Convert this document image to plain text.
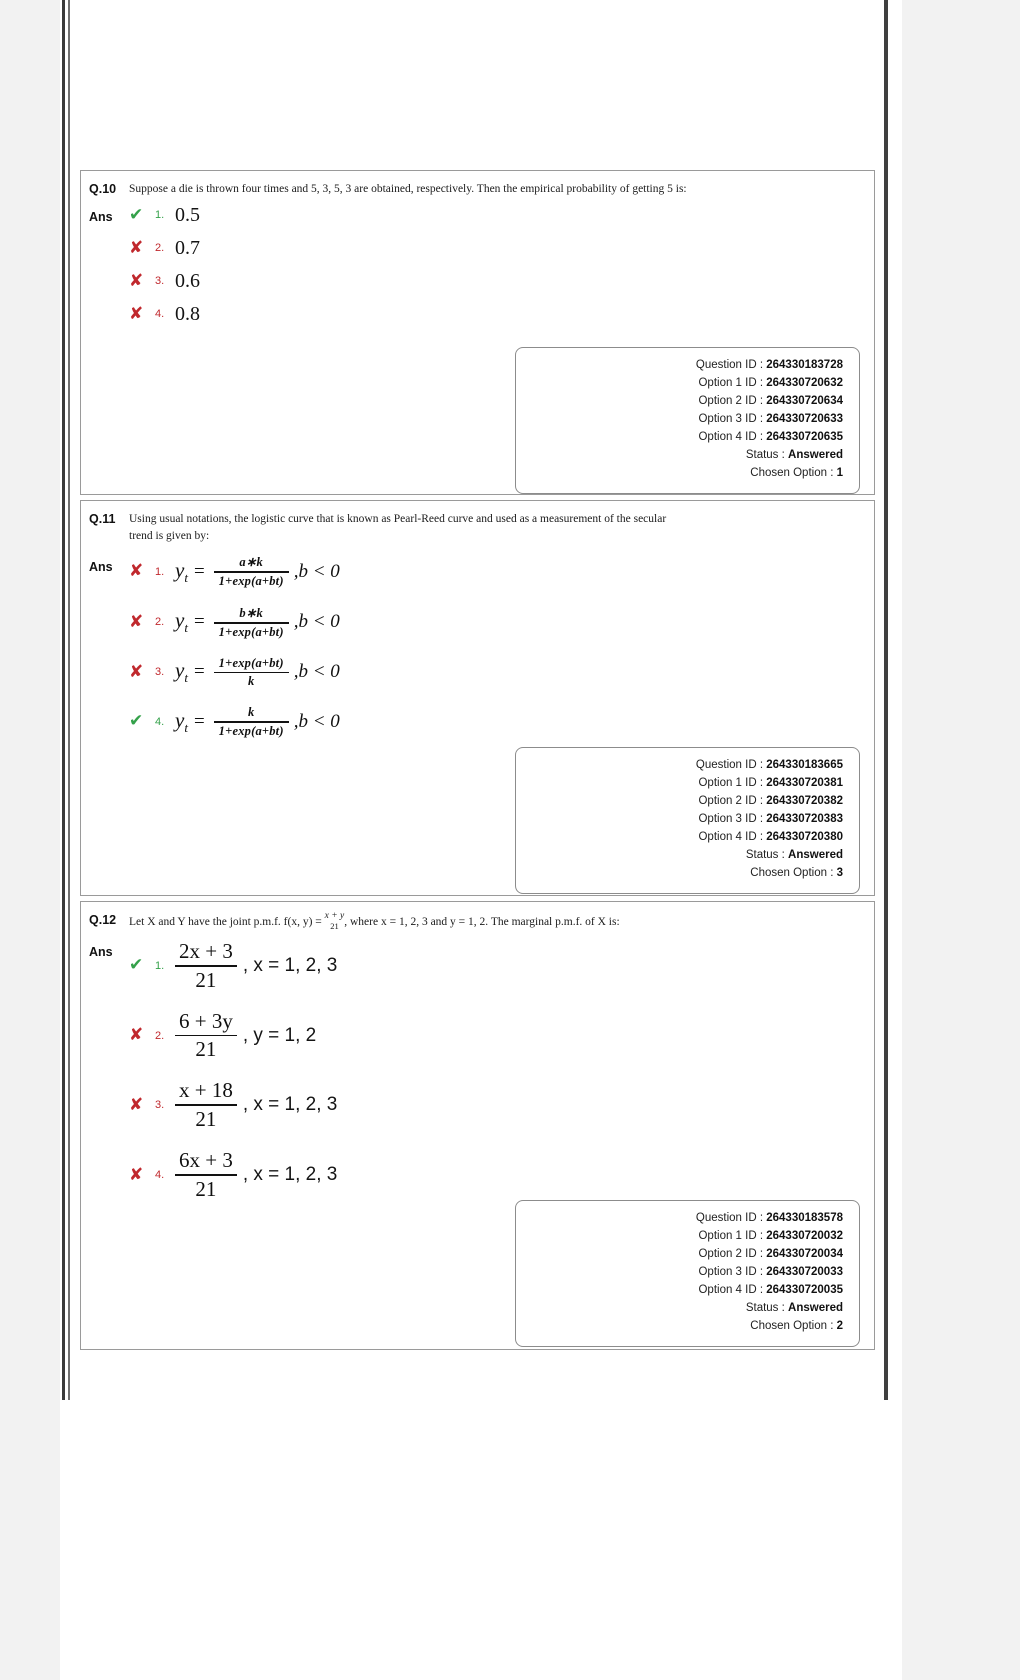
Q.10	Suppose a die is thrown four times and 5, 3, 5, 3 are obtained, respectively. Then the empirical probability of getting 5 is:
Ans ✔	1. 0.5
✘	2. 0.7
✘	3. 0.6
✘	4. 0.8
Question ID : 264330183728
Option 1 ID : 264330720632
Option 2 ID : 264330720634
Option 3 ID : 264330720633
Option 4 ID : 264330720635
Status : Answered
Chosen Option : 1
Q.11	Using usual notations, the logistic curve that is known as Pearl-Reed curve and used as a measurement of the secular
trend is given by:
Ans ✘	1. $y_t = \frac{a∗k}{1+\exp(a+bt)} ,b < 0$
✘	2. $y_t = \frac{b∗k}{1+\exp(a+bt)} ,b < 0$
✘	3. $y_t = \frac{1+\exp(a+bt)}{k} ,b < 0$
✔	4. $y_t = \frac{k}{1+\exp(a+bt)} ,b < 0$
Question ID : 264330183665
Option 1 ID : 264330720381
Option 2 ID : 264330720382
Option 3 ID : 264330720383
Option 4 ID : 264330720380
Status : Answered
Chosen Option : 3
Q.12	Let X and Y have the joint p.m.f. f(x, y) = x + y
21 , where x = 1, 2, 3 and y = 1, 2. The marginal p.m.f. of X is:
Ans
✔	1. $\frac{2x + 3}{21}$ , x = 1, 2, 3
✘	2. $\frac{6 + 3y}{21}$ , y = 1, 2
✘	3. $\frac{x + 18}{21}$ , x = 1, 2, 3
✘	4. $\frac{6x + 3}{21}$ , x = 1, 2, 3
Question ID : 264330183578
Option 1 ID : 264330720032
Option 2 ID : 264330720034
Option 3 ID : 264330720033
Option 4 ID : 264330720035
Status : Answered
Chosen Option : 2
